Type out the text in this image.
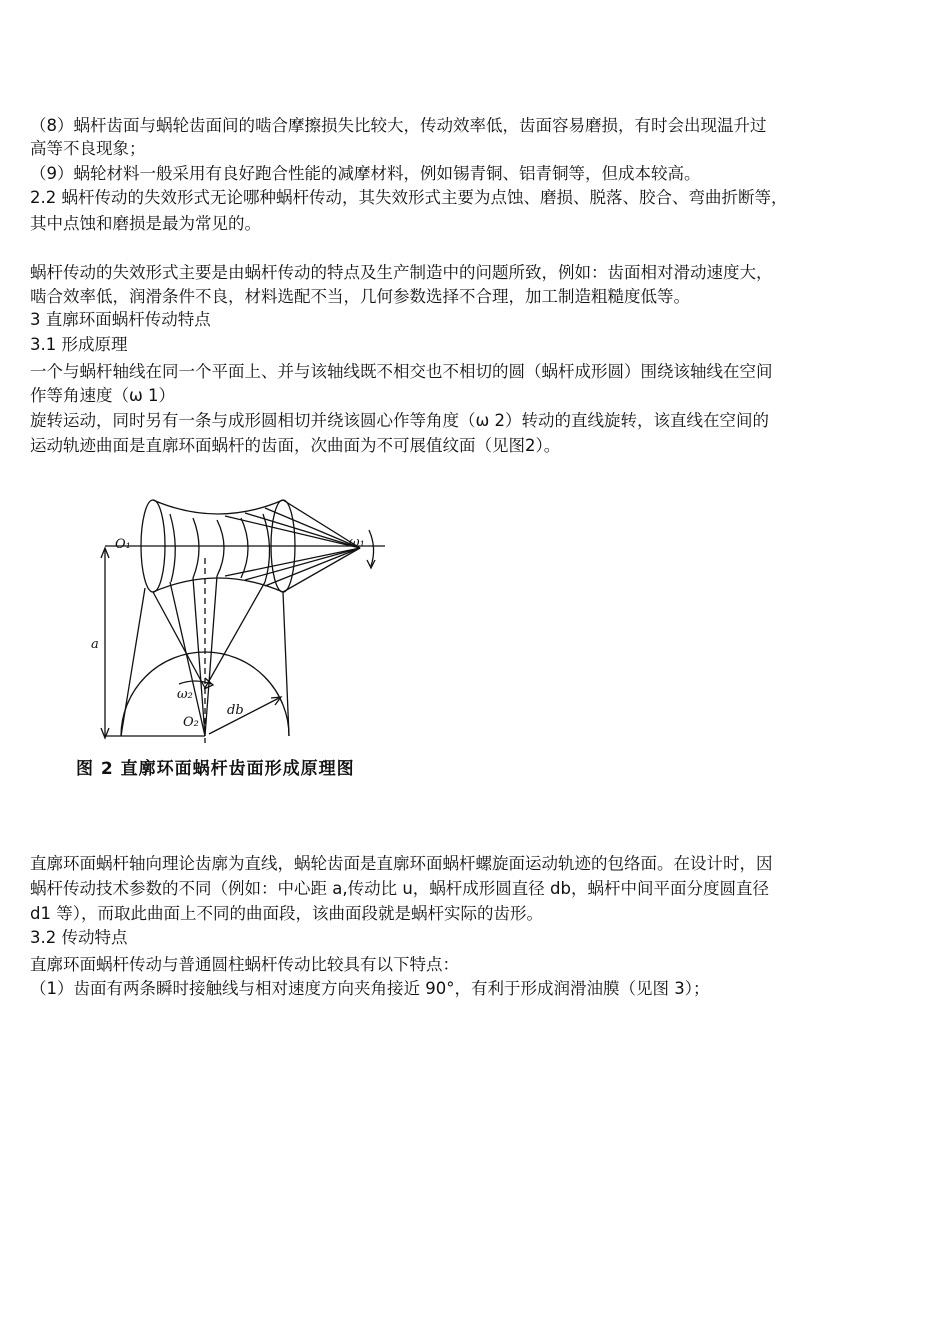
（8）蜗杆齿面与蜗轮齿面间的啮合摩擦损失比较大，传动效率低，齿面容易磨损，有时会出现温升过
高等不良现象；
（9）蜗轮材料一般采用有良好跑合性能的减摩材料，例如锡青铜、铝青铜等，但成本较高。
2.2 蜗杆传动的失效形式无论哪种蜗杆传动，其失效形式主要为点蚀、磨损、脱落、胶合、弯曲折断等，
其中点蚀和磨损是最为常见的。
蜗杆传动的失效形式主要是由蜗杆传动的特点及生产制造中的问题所致，例如：齿面相对滑动速度大，
啮合效率低，润滑条件不良，材料选配不当，几何参数选择不合理，加工制造粗糙度低等。
3 直廓环面蜗杆传动特点
3.1 形成原理
一个与蜗杆轴线在同一个平面上、并与该轴线既不相交也不相切的圆（蜗杆成形圆）围绕该轴线在空间
作等角速度（ω 1）
旋转运动，同时另有一条与成形圆相切并绕该圆心作等角度（ω 2）转动的直线旋转，该直线在空间的
运动轨迹曲面是直廓环面蜗杆的齿面，次曲面为不可展值纹面（见图2）。
直廓环面蜗杆轴向理论齿廓为直线，蜗轮齿面是直廓环面蜗杆螺旋面运动轨迹的包络面。在设计时，因
蜗杆传动技术参数的不同（例如：中心距 a,传动比 u，蜗杆成形圆直径 db，蜗杆中间平面分度圆直径
d1 等），而取此曲面上不同的曲面段，该曲面段就是蜗杆实际的齿形。
3.2 传动特点
直廓环面蜗杆传动与普通圆柱蜗杆传动比较具有以下特点：
（1）齿面有两条瞬时接触线与相对速度方向夹角接近 90°，有利于形成润滑油膜（见图 3）；
O₁	ω₁
a
ω₂
O₂
db
图 2 直廓环面蜗杆齿面形成原理图
